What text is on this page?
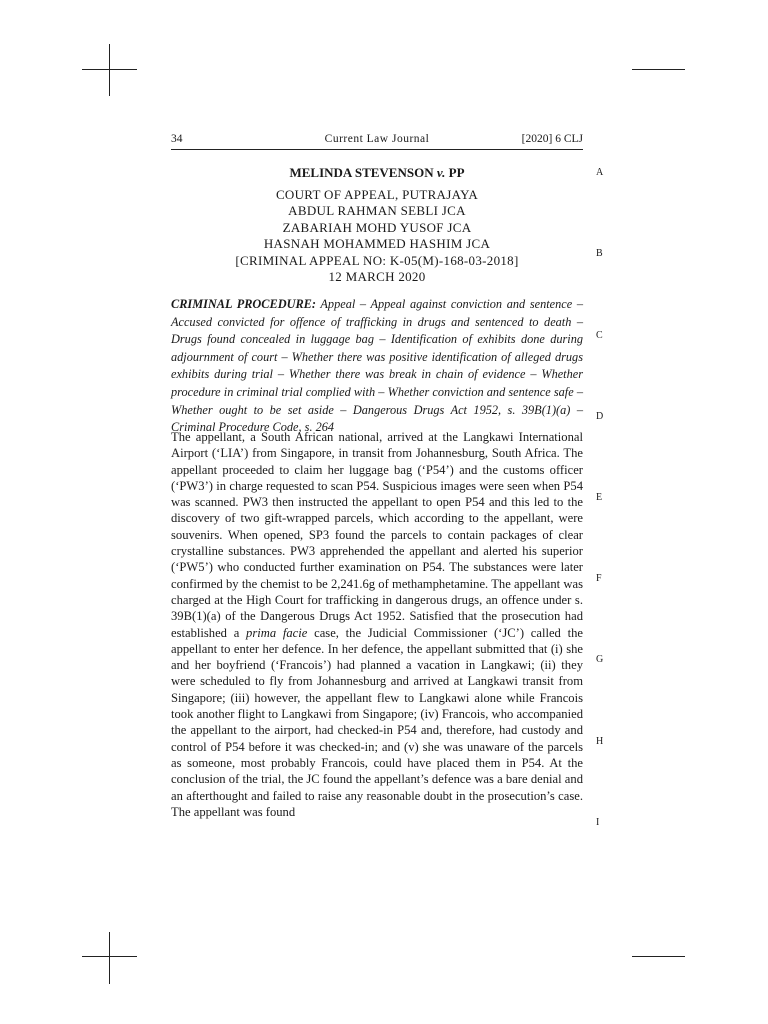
34	Current Law Journal	[2020] 6 CLJ
MELINDA STEVENSON v. PP
COURT OF APPEAL, PUTRAJAYA
ABDUL RAHMAN SEBLI JCA
ZABARIAH MOHD YUSOF JCA
HASNAH MOHAMMED HASHIM JCA
[CRIMINAL APPEAL NO: K-05(M)-168-03-2018]
12 MARCH 2020
CRIMINAL PROCEDURE: Appeal – Appeal against conviction and sentence – Accused convicted for offence of trafficking in drugs and sentenced to death – Drugs found concealed in luggage bag – Identification of exhibits done during adjournment of court – Whether there was positive identification of alleged drugs exhibits during trial – Whether there was break in chain of evidence – Whether procedure in criminal trial complied with – Whether conviction and sentence safe – Whether ought to be set aside – Dangerous Drugs Act 1952, s. 39B(1)(a) – Criminal Procedure Code, s. 264
The appellant, a South African national, arrived at the Langkawi International Airport (‘LIA’) from Singapore, in transit from Johannesburg, South Africa. The appellant proceeded to claim her luggage bag (‘P54’) and the customs officer (‘PW3’) in charge requested to scan P54. Suspicious images were seen when P54 was scanned. PW3 then instructed the appellant to open P54 and this led to the discovery of two gift-wrapped parcels, which according to the appellant, were souvenirs. When opened, SP3 found the parcels to contain packages of clear crystalline substances. PW3 apprehended the appellant and alerted his superior (‘PW5’) who conducted further examination on P54. The substances were later confirmed by the chemist to be 2,241.6g of methamphetamine. The appellant was charged at the High Court for trafficking in dangerous drugs, an offence under s. 39B(1)(a) of the Dangerous Drugs Act 1952. Satisfied that the prosecution had established a prima facie case, the Judicial Commissioner (‘JC’) called the appellant to enter her defence. In her defence, the appellant submitted that (i) she and her boyfriend (‘Francois’) had planned a vacation in Langkawi; (ii) they were scheduled to fly from Johannesburg and arrived at Langkawi transit from Singapore; (iii) however, the appellant flew to Langkawi alone while Francois took another flight to Langkawi from Singapore; (iv) Francois, who accompanied the appellant to the airport, had checked-in P54 and, therefore, had custody and control of P54 before it was checked-in; and (v) she was unaware of the parcels as someone, most probably Francois, could have placed them in P54. At the conclusion of the trial, the JC found the appellant’s defence was a bare denial and an afterthought and failed to raise any reasonable doubt in the prosecution’s case. The appellant was found
A
B
C
D
E
F
G
H
I
